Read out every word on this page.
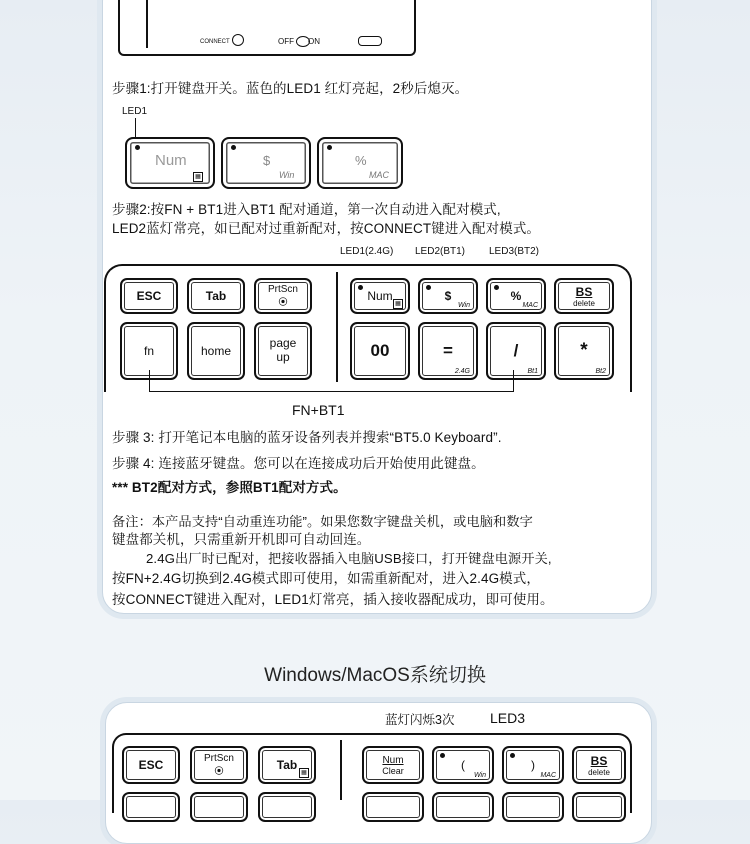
CONNECT	OFF ON
步骤1:打开键盘开关。蓝色的LED1 红灯亮起，2秒后熄灭。
LED1
Num
▦
$
Win
%
MAC
步骤2:按FN + BT1进入BT1 配对通道，第一次自动进入配对模式,
LED2蓝灯常亮，如已配对过重新配对，按CONNECT键进入配对模式。
LED1(2.4G) LED2(BT1) LED3(BT2)
ESC	Tab	PrtScn
⦿	Num
▦
$
Win
%
MAC
BS
delete
fn	home
page up	00	=
2.4G
/
Bt1
*
Bt2
FN+BT1
步骤 3: 打开笔记本电脑的蓝牙设备列表并搜索“BT5.0 Keyboard”.
步骤 4: 连接蓝牙键盘。您可以在连接成功后开始使用此键盘。
*** BT2配对方式，参照BT1配对方式。
备注：本产品支持“自动重连功能”。如果您数字键盘关机，或电脑和数字
键盘都关机，只需重新开机即可自动回连。
2.4G出厂时已配对，把接收器插入电脑USB接口，打开键盘电源开关,
按FN+2.4G切换到2.4G模式即可使用，如需重新配对，进入2.4G模式，
按CONNECT键进入配对，LED1灯常亮，插入接收器配成功，即可使用。
Windows/MacOS系统切换
蓝灯闪烁3次	LED3
ESC	PrtScn
⦿	Tab
▦
Num
Clear	(
Win
)
MAC
BS
delete
